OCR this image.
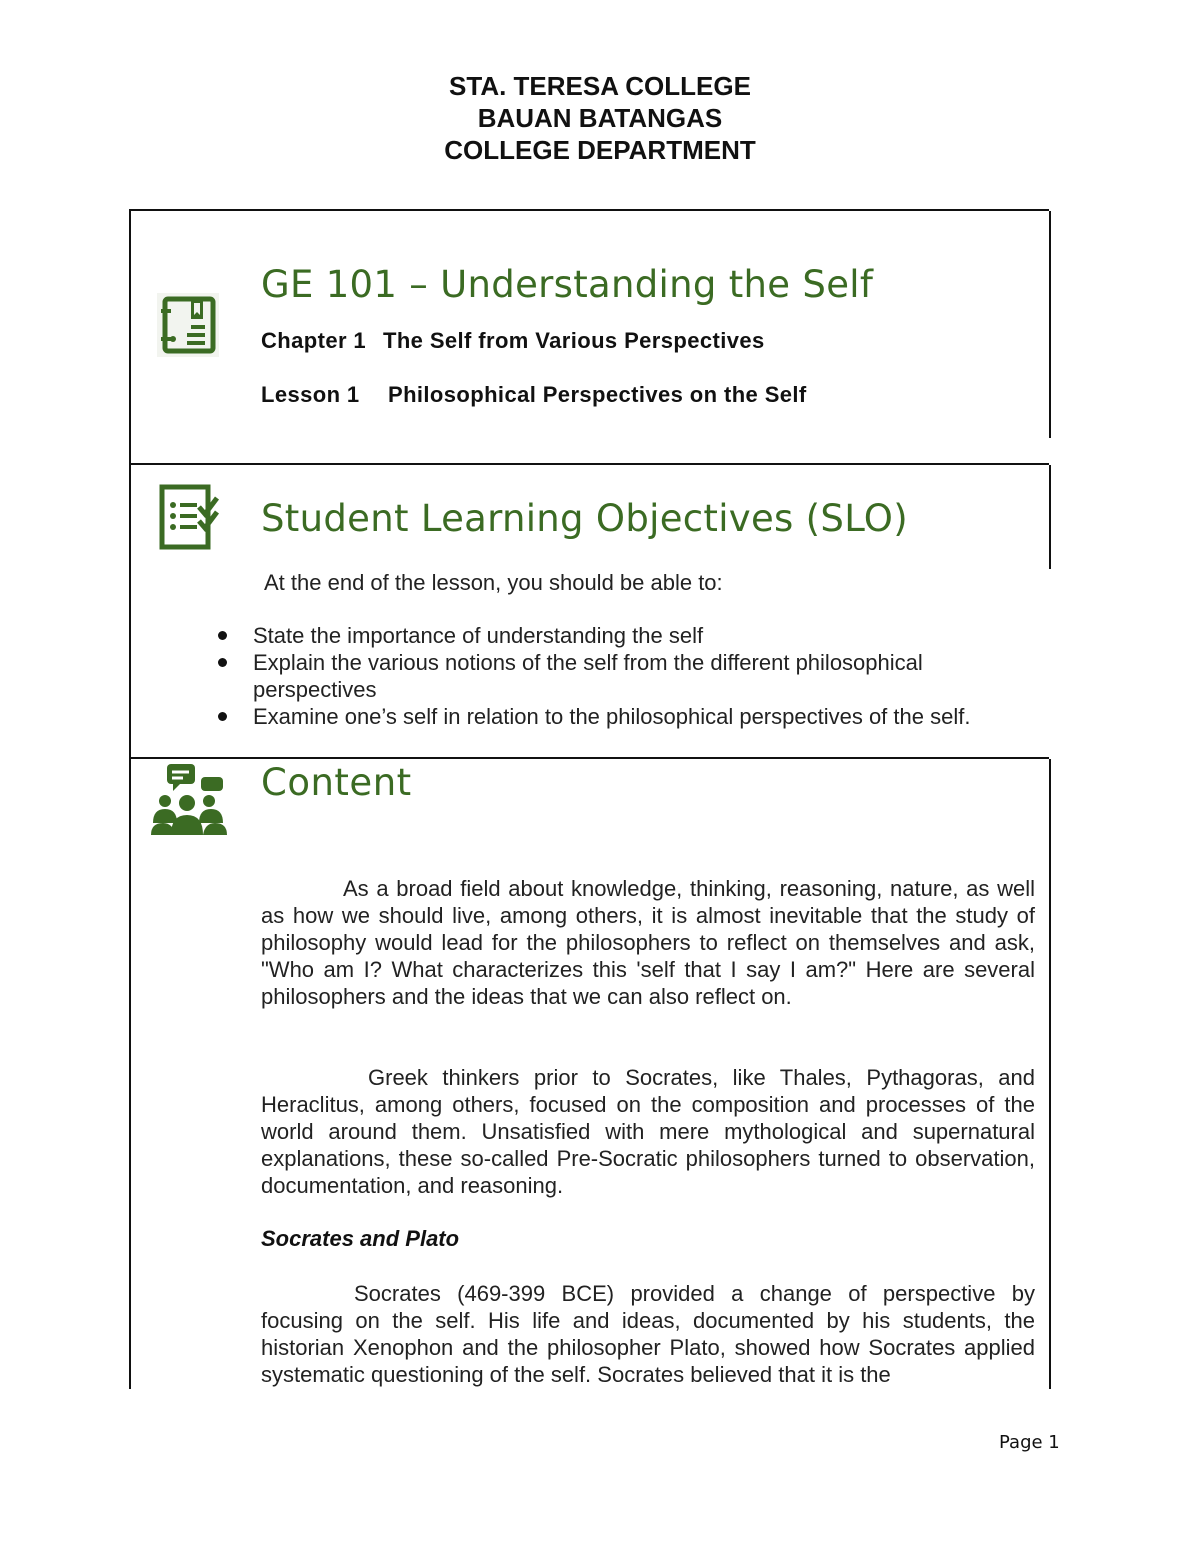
STA. TERESA COLLEGE
BAUAN BATANGAS
COLLEGE DEPARTMENT
GE 101 – Understanding the Self
Chapter 1 The Self from Various Perspectives
Lesson 1 Philosophical Perspectives on the Self
Student Learning Objectives (SLO)
At the end of the lesson, you should be able to:
State the importance of understanding the self
Explain the various notions of the self from the different philosophical perspectives
Examine one’s self in relation to the philosophical perspectives of the self.
Content

As a broad field about knowledge, thinking, reasoning, nature, as well as how we should live, among others, it is almost inevitable that the study of philosophy would lead for the philosophers to reflect on themselves and ask, "Who am I? What characterizes this 'self that I say I am?" Here are several philosophers and the ideas that we can also reflect on.

Greek thinkers prior to Socrates, like Thales, Pythagoras, and Heraclitus, among others, focused on the composition and processes of the world around them. Unsatisfied with mere mythological and supernatural explanations, these so-called Pre-Socratic philosophers turned to observation, documentation, and reasoning.

Socrates and Plato

Socrates (469-399 BCE) provided a change of perspective by focusing on the self. His life and ideas, documented by his students, the historian Xenophon and the philosopher Plato, showed how Socrates applied systematic questioning of the self. Socrates believed that it is the

Page 1
